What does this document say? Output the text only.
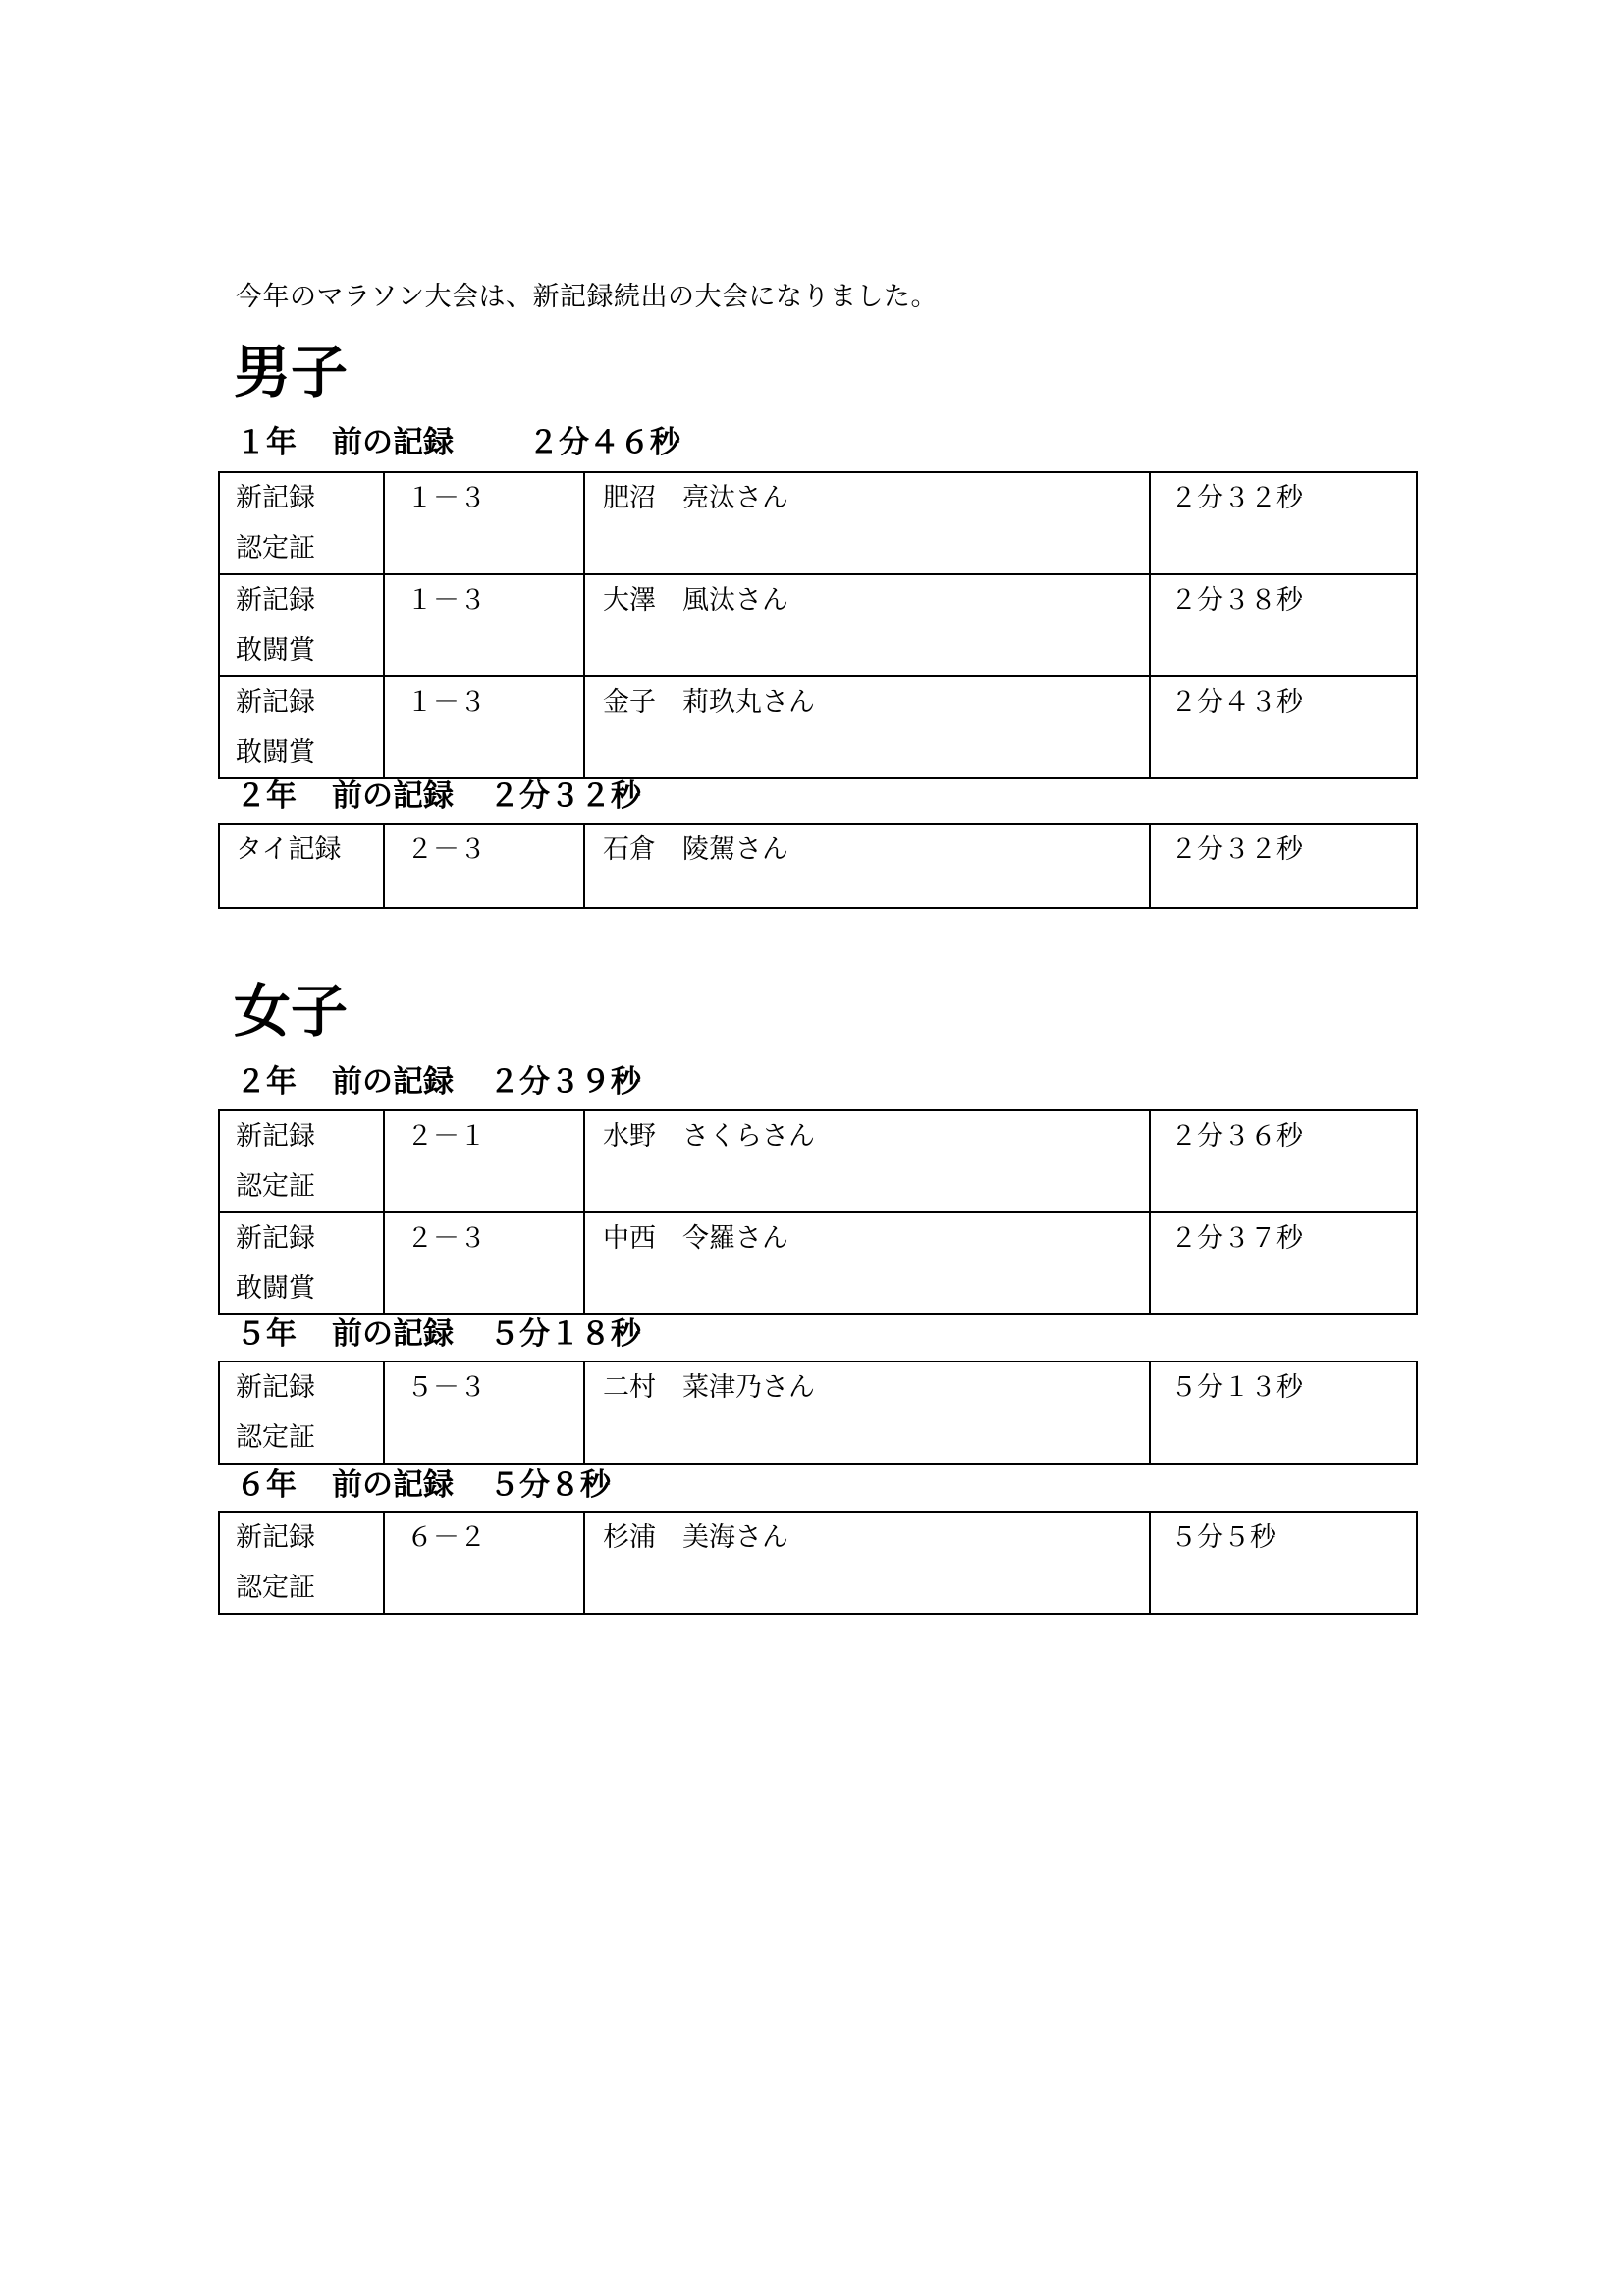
今年のマラソン大会は、新記録続出の大会になりました。
男子
１年 前の記録 ２分４６秒
新記録
認定証	１－３	肥沼　亮汰さん	２分３２秒

新記録
敢闘賞	１－３	大澤　風汰さん	２分３８秒

新記録
敢闘賞	１－３	金子　莉玖丸さん	２分４３秒
２年 前の記録 ２分３２秒
タイ記録	２－３	石倉　陵駕さん	２分３２秒
女子
２年 前の記録 ２分３９秒
新記録
認定証	２－１	水野　さくらさん	２分３６秒

新記録
敢闘賞	２－３	中西　令羅さん	２分３７秒
５年 前の記録 ５分１８秒
新記録
認定証
	５－３	二村　菜津乃さん	５分１３秒
６年 前の記録 ５分８秒
新記録
認定証
	６－２	杉浦　美海さん	５分５秒
